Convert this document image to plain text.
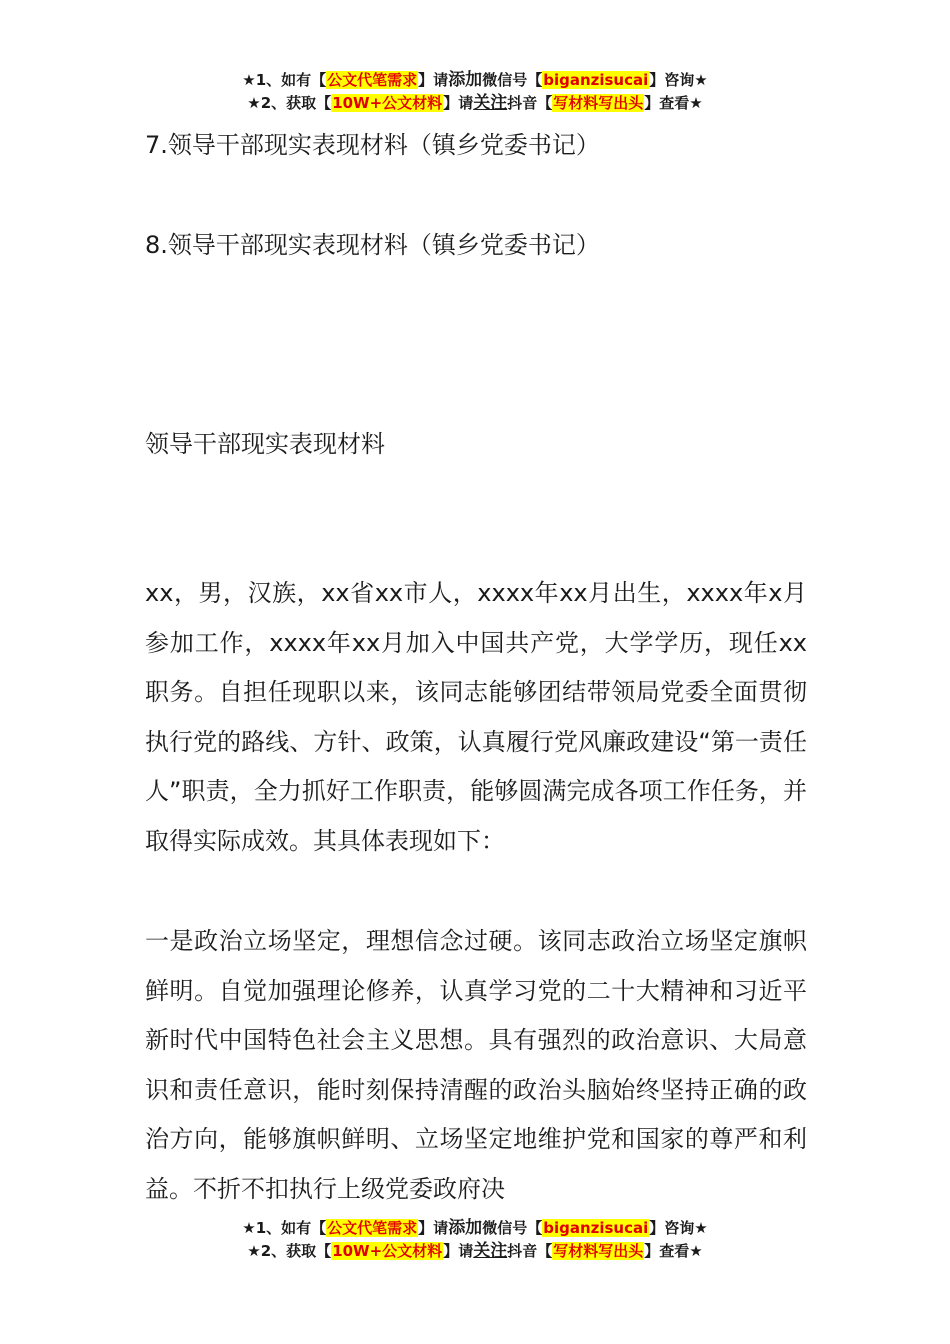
★1、如有【公文代笔需求】请添加微信号【biganzisucai】咨询★
★2、获取【10W+公文材料】请关注抖音【写材料写出头】查看★
7.领导干部现实表现材料（镇乡党委书记）
8.领导干部现实表现材料（镇乡党委书记）
领导干部现实表现材料
xx，男，汉族，xx省xx市人，xxxx年xx月出生，xxxx年x月参加工作，xxxx年xx月加入中国共产党，大学学历，现任xx职务。自担任现职以来，该同志能够团结带领局党委全面贯彻执行党的路线、方针、政策，认真履行党风廉政建设“第一责任人”职责，全力抓好工作职责，能够圆满完成各项工作任务，并取得实际成效。其具体表现如下：
一是政治立场坚定，理想信念过硬。该同志政治立场坚定旗帜鲜明。自觉加强理论修养，认真学习党的二十大精神和习近平新时代中国特色社会主义思想。具有强烈的政治意识、大局意识和责任意识，能时刻保持清醒的政治头脑始终坚持正确的政治方向，能够旗帜鲜明、立场坚定地维护党和国家的尊严和利益。不折不扣执行上级党委政府决
★1、如有【公文代笔需求】请添加微信号【biganzisucai】咨询★
★2、获取【10W+公文材料】请关注抖音【写材料写出头】查看★
